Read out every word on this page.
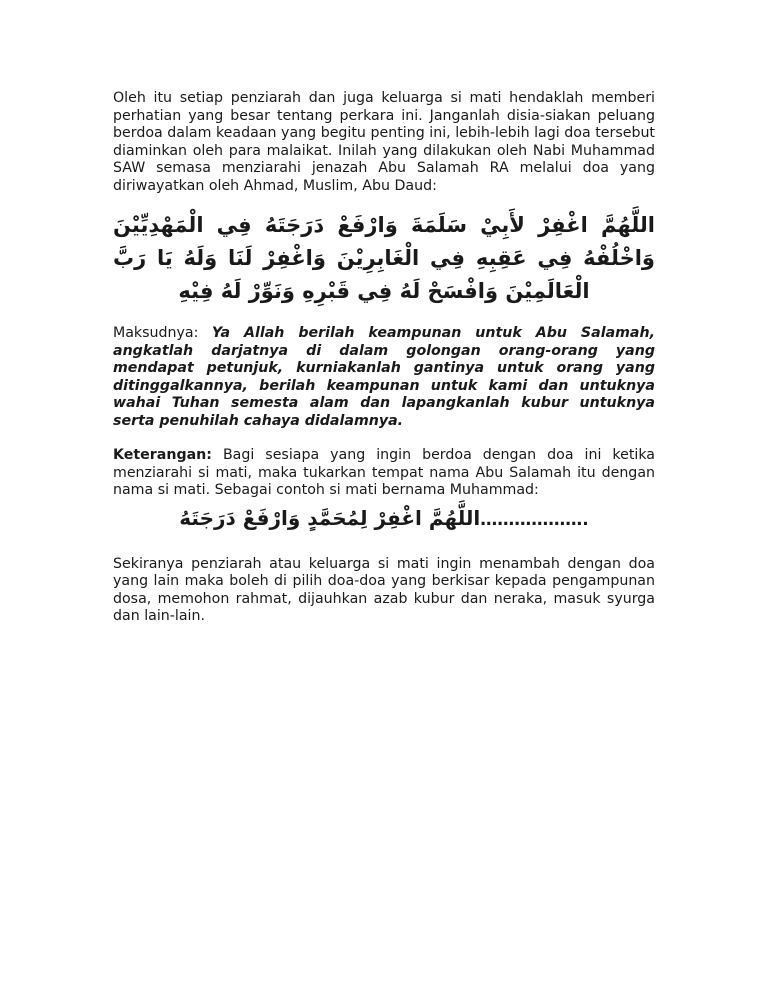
Oleh itu setiap penziarah dan juga keluarga si mati hendaklah memberi perhatian yang besar tentang perkara ini. Janganlah disia-siakan peluang berdoa dalam keadaan yang begitu penting ini, lebih-lebih lagi doa tersebut diaminkan oleh para malaikat. Inilah yang dilakukan oleh Nabi Muhammad SAW semasa menziarahi jenazah Abu Salamah RA melalui doa yang diriwayatkan oleh Ahmad, Muslim, Abu Daud:

اللَّهُمَّ اغْفِرْ لأَبِيْ سَلَمَةَ وَارْفَعْ دَرَجَتَهُ فِي الْمَهْدِيِّيْنَ وَاخْلُفْهُ فِي عَقِبِهِ فِي الْغَابِرِيْنَ وَاغْفِرْ لَنَا وَلَهُ يَا رَبَّ الْعَالَمِيْنَ وَافْسَحْ لَهُ فِي قَبْرِهِ وَنَوِّرْ لَهُ فِيْهِ

Maksudnya: Ya Allah berilah keampunan untuk Abu Salamah, angkatlah darjatnya di dalam golongan orang-orang yang mendapat petunjuk, kurniakanlah gantinya untuk orang yang ditinggalkannya, berilah keampunan untuk kami dan untuknya wahai Tuhan semesta alam dan lapangkanlah kubur untuknya serta penuhilah cahaya didalamnya.

Keterangan: Bagi sesiapa yang ingin berdoa dengan doa ini ketika menziarahi si mati, maka tukarkan tempat nama Abu Salamah itu dengan nama si mati. Sebagai contoh si mati bernama Muhammad:

اللَّهُمَّ اغْفِرْ لِمُحَمَّدٍ وَارْفَعْ دَرَجَتَهُ……………….

Sekiranya penziarah atau keluarga si mati ingin menambah dengan doa yang lain maka boleh di pilih doa-doa yang berkisar kepada pengampunan dosa, memohon rahmat, dijauhkan azab kubur dan neraka, masuk syurga dan lain-lain.
